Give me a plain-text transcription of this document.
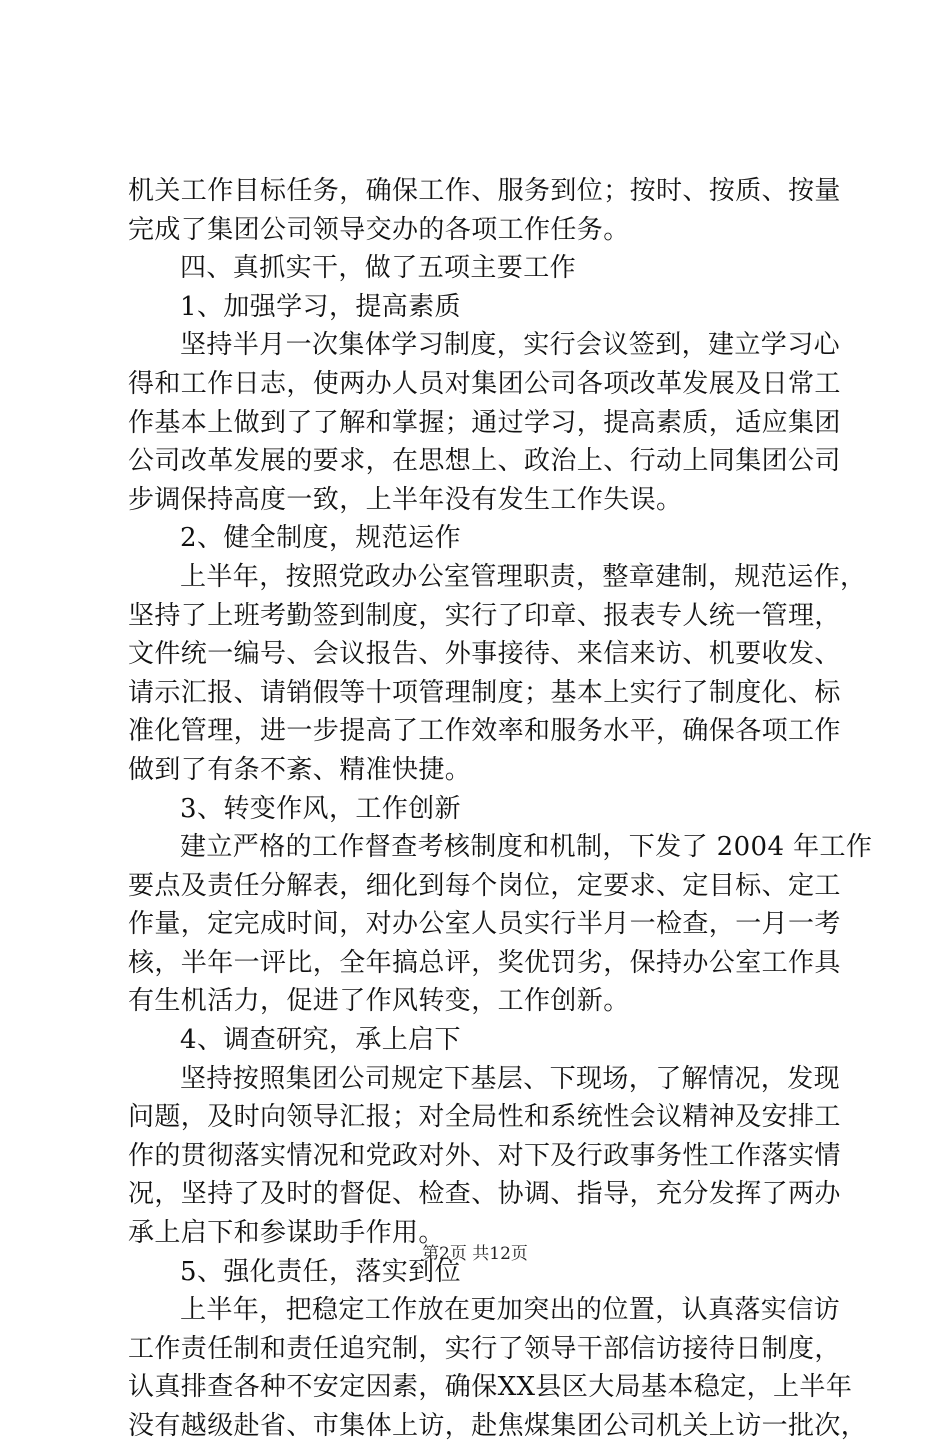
机关工作目标任务，确保工作、服务到位；按时、按质、按量
完成了集团公司领导交办的各项工作任务。
四、真抓实干，做了五项主要工作
1、加强学习，提高素质
坚持半月一次集体学习制度，实行会议签到，建立学习心
得和工作日志，使两办人员对集团公司各项改革发展及日常工
作基本上做到了了解和掌握；通过学习，提高素质，适应集团
公司改革发展的要求，在思想上、政治上、行动上同集团公司
步调保持高度一致，上半年没有发生工作失误。
2、健全制度，规范运作
上半年，按照党政办公室管理职责，整章建制，规范运作，
坚持了上班考勤签到制度，实行了印章、报表专人统一管理，
文件统一编号、会议报告、外事接待、来信来访、机要收发、
请示汇报、请销假等十项管理制度；基本上实行了制度化、标
准化管理，进一步提高了工作效率和服务水平，确保各项工作
做到了有条不紊、精准快捷。
3、转变作风，工作创新
建立严格的工作督查考核制度和机制，下发了 2004 年工作
要点及责任分解表，细化到每个岗位，定要求、定目标、定工
作量，定完成时间，对办公室人员实行半月一检查，一月一考
核，半年一评比，全年搞总评，奖优罚劣，保持办公室工作具
有生机活力，促进了作风转变，工作创新。
4、调查研究，承上启下
坚持按照集团公司规定下基层、下现场，了解情况，发现
问题，及时向领导汇报；对全局性和系统性会议精神及安排工
作的贯彻落实情况和党政对外、对下及行政事务性工作落实情
况，坚持了及时的督促、检查、协调、指导，充分发挥了两办
承上启下和参谋助手作用。
5、强化责任，落实到位
上半年，把稳定工作放在更加突出的位置，认真落实信访
工作责任制和责任追究制，实行了领导干部信访接待日制度，
认真排查各种不安定因素，确保XX县区大局基本稳定，上半年
没有越级赴省、市集体上访，赴焦煤集团公司机关上访一批次，
第2页 共12页
